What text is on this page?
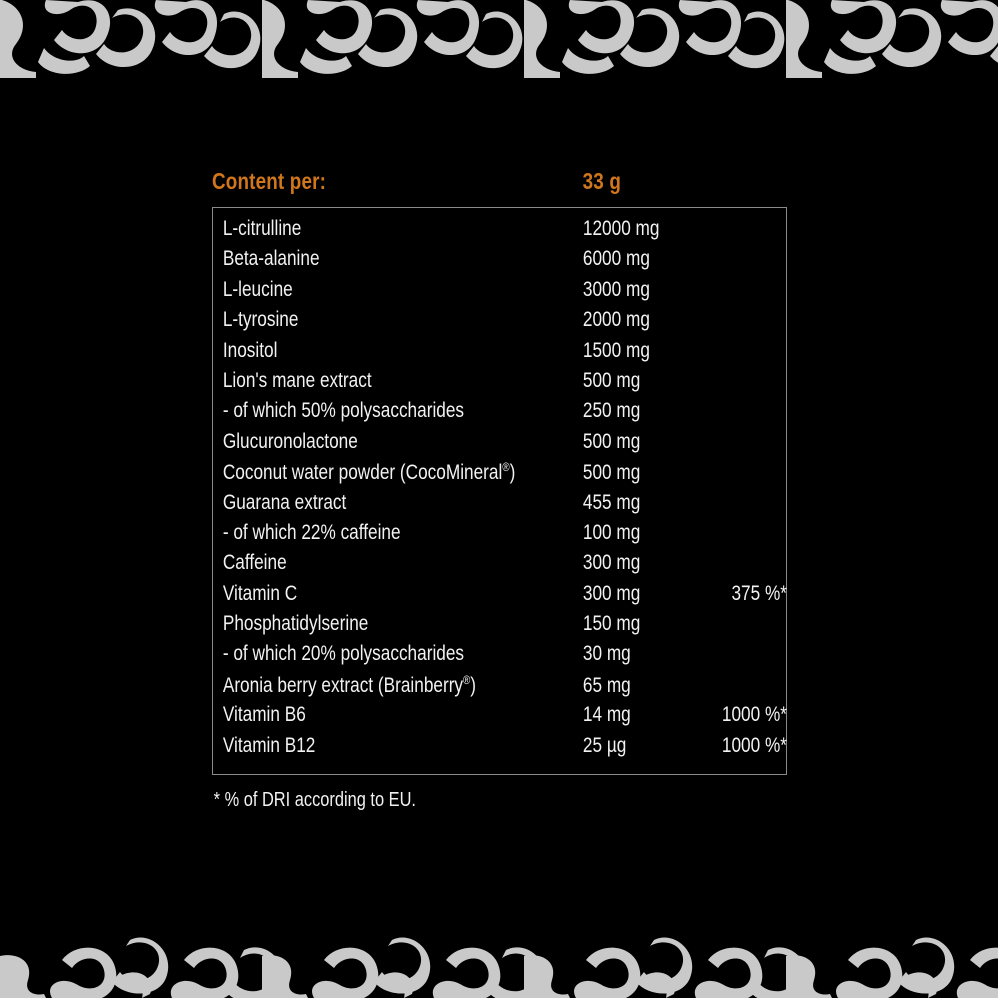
Content per:	33 g
L-citrulline	12000 mg
Beta-alanine	6000 mg
L-leucine	3000 mg
L-tyrosine	2000 mg
Inositol	1500 mg
Lion's mane extract	500 mg
- of which 50% polysaccharides	250 mg
Glucuronolactone	500 mg
Coconut water powder (CocoMineral®)	500 mg
Guarana extract	455 mg
- of which 22% caffeine	100 mg
Caffeine	300 mg
Vitamin C	300 mg	375 %*
Phosphatidylserine	150 mg
- of which 20% polysaccharides	30 mg
Aronia berry extract (Brainberry®)	65 mg
Vitamin B6	14 mg	1000 %*
Vitamin B12	25 µg	1000 %*
* % of DRI according to EU.
